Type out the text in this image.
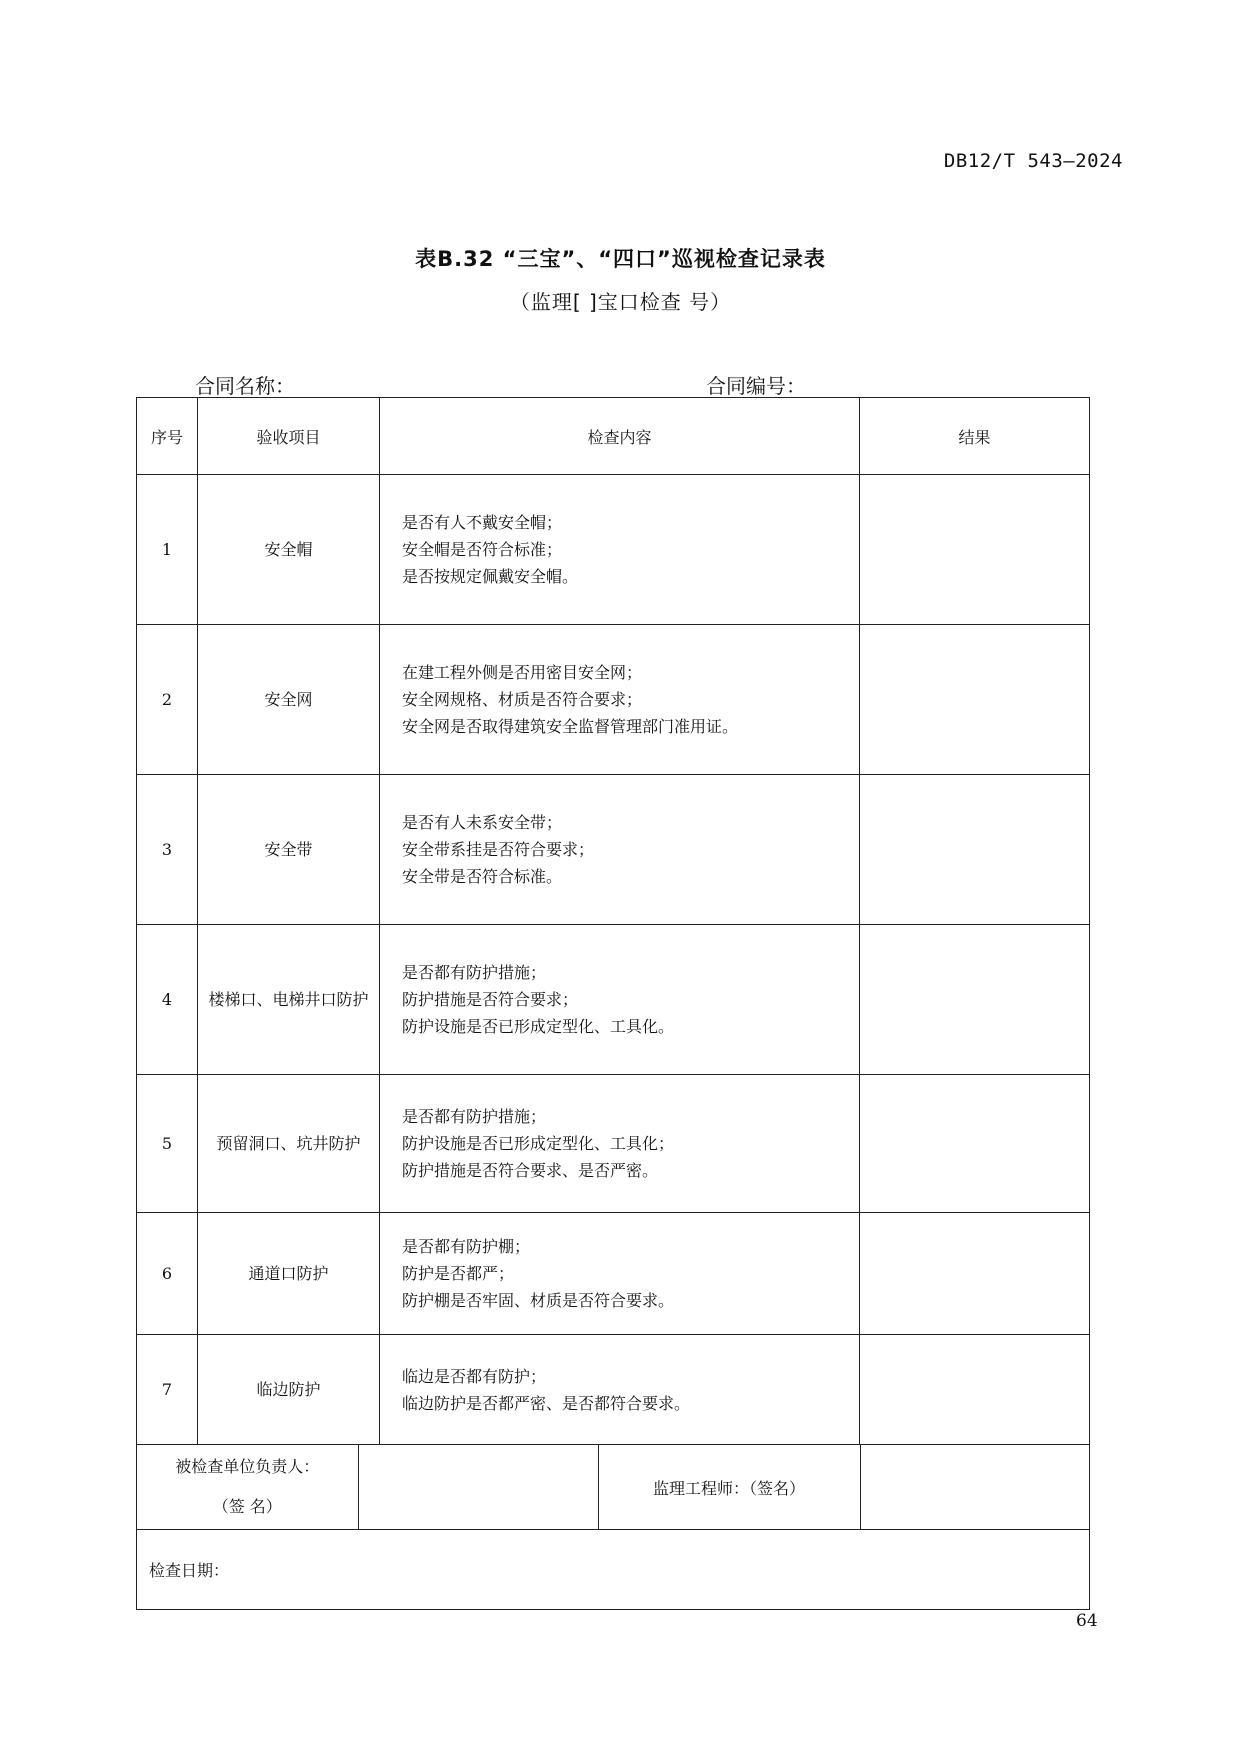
DB12/T 543—2024
表B.32 “三宝”、“四口”巡视检查记录表
（监理[ ]宝口检查 号）
合同名称：	合同编号：
序号	验收项目	检查内容	结果
1	安全帽	
是否有人不戴安全帽；
安全帽是否符合标准；
是否按规定佩戴安全帽。

2	安全网	
在建工程外侧是否用密目安全网；
安全网规格、材质是否符合要求；
安全网是否取得建筑安全监督管理部门准用证。

3	安全带	
是否有人未系安全带；
安全带系挂是否符合要求；
安全带是否符合标准。

4	楼梯口、电梯井口防护	
是否都有防护措施；
防护措施是否符合要求；
防护设施是否已形成定型化、工具化。

5	预留洞口、坑井防护	
是否都有防护措施；
防护设施是否已形成定型化、工具化；
防护措施是否符合要求、是否严密。

6	通道口防护	
是否都有防护棚；
防护是否都严；
防护棚是否牢固、材质是否符合要求。

7	临边防护	
临边是否都有防护；
临边防护是否都严密、是否都符合要求。

被检查单位负责人：
（签 名）
		监理工程师：（签名）	

检查日期：
64
